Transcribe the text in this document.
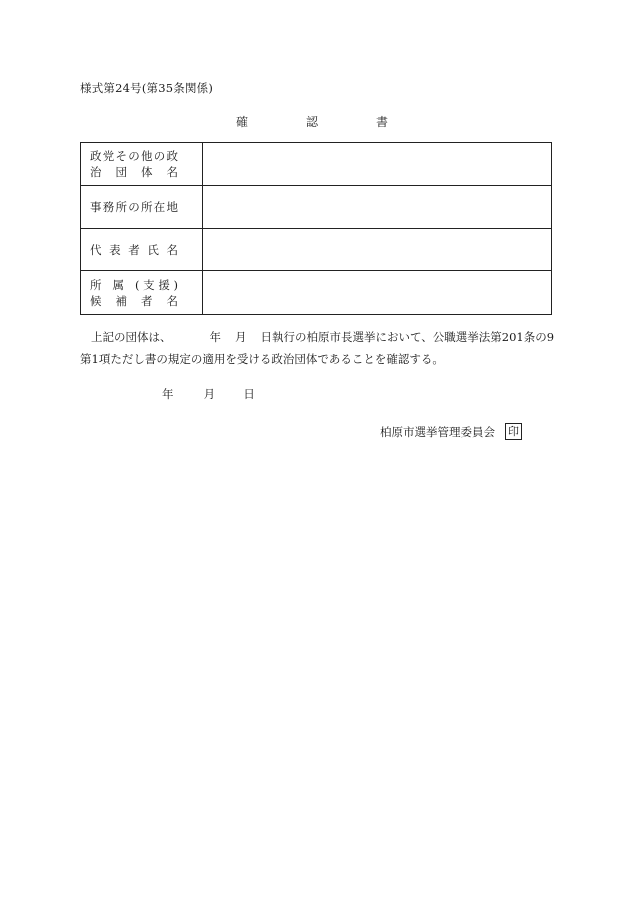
様式第24号(第35条関係)
確	認	書
政党その他の政
治 団 体 名	

事務所の所在地	

代 表 者 氏 名	

所 属 (支援)
候 補 者 名	

上記の団体は、	年 月 日執行の柏原市長選挙において、公職選挙法第201条の9
第1項ただし書の規定の適用を受ける政治団体であることを確認する。
年	月 日
柏原市選挙管理委員会 印
